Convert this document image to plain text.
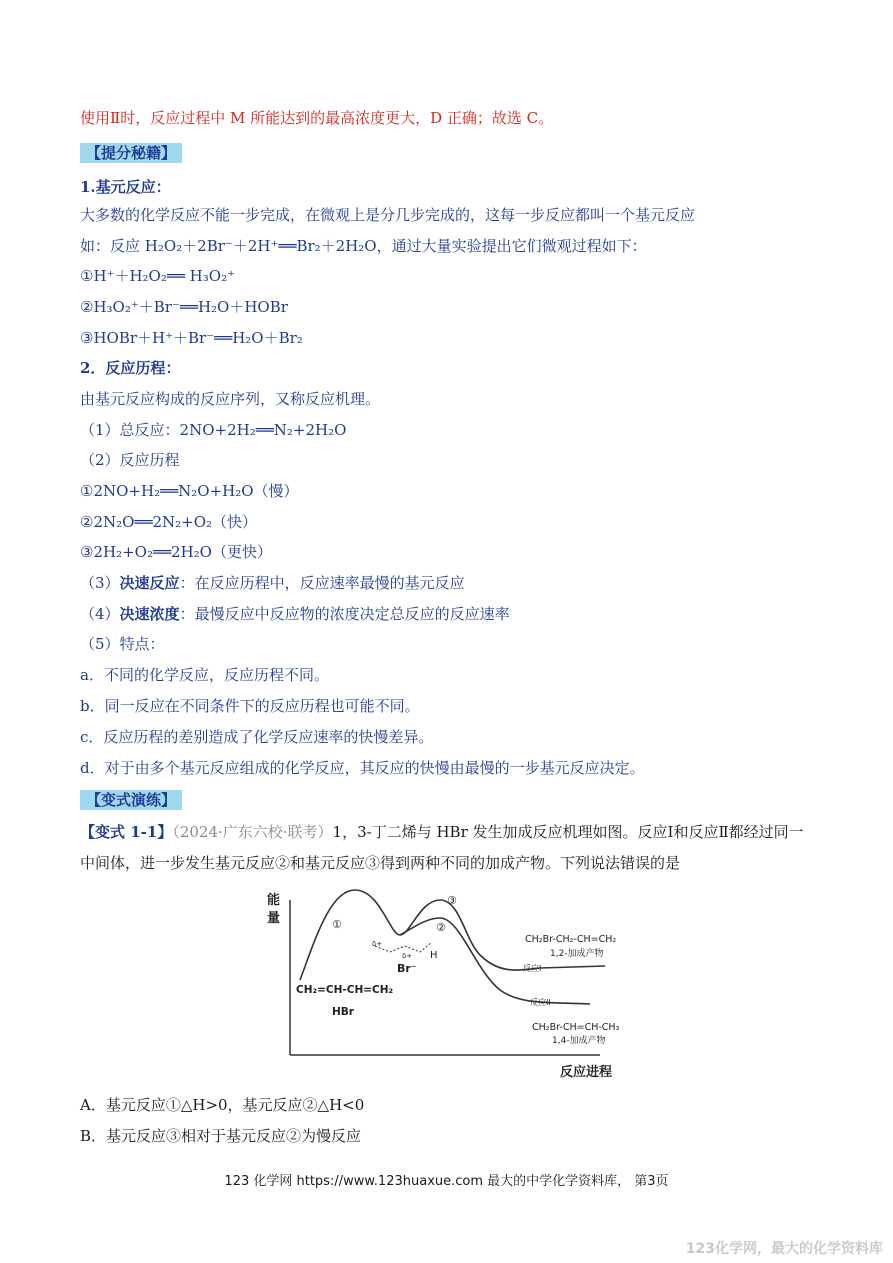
使用Ⅱ时，反应过程中 M 所能达到的最高浓度更大，D 正确；故选 C。
【提分秘籍】
1.基元反应：
大多数的化学反应不能一步完成，在微观上是分几步完成的，这每一步反应都叫一个基元反应
如：反应 H₂O₂＋2Br⁻＋2H⁺══Br₂＋2H₂O，通过大量实验提出它们微观过程如下：
①H⁺＋H₂O₂══ H₃O₂⁺
②H₃O₂⁺＋Br⁻══H₂O＋HOBr
③HOBr＋H⁺＋Br⁻══H₂O＋Br₂
2．反应历程：
由基元反应构成的反应序列，又称反应机理。
（1）总反应：2NO+2H₂══N₂+2H₂O
（2）反应历程
①2NO+H₂══N₂O+H₂O（慢）
②2N₂O══2N₂+O₂（快）
③2H₂+O₂══2H₂O（更快）
（3）决速反应：在反应历程中，反应速率最慢的基元反应
（4）决速浓度：最慢反应中反应物的浓度决定总反应的反应速率
（5）特点：
a．不同的化学反应，反应历程不同。
b．同一反应在不同条件下的反应历程也可能不同。
c．反应历程的差别造成了化学反应速率的快慢差异。
d．对于由多个基元反应组成的化学反应，其反应的快慢由最慢的一步基元反应决定。
【变式演练】
【变式 1-1】（2024·广东六校·联考）1，3-丁二烯与 HBr 发生加成反应机理如图。反应Ⅰ和反应Ⅱ都经过同一
中间体，进一步发生基元反应②和基元反应③得到两种不同的加成产物。下列说法错误的是
能
量
反应进程
①
③
②
δ+
δ+ H
Br⁻
CH₂=CH-CH=CH₂
HBr
CH₂Br-CH₂-CH=CH₂
1,2-加成产物
反应I
反应II
CH₂Br-CH=CH-CH₃
1,4-加成产物
A．基元反应①△H>0，基元反应②△H<0
B．基元反应③相对于基元反应②为慢反应
123 化学网 https://www.123huaxue.com 最大的中学化学资料库， 第3页
123化学网，最大的化学资料库
